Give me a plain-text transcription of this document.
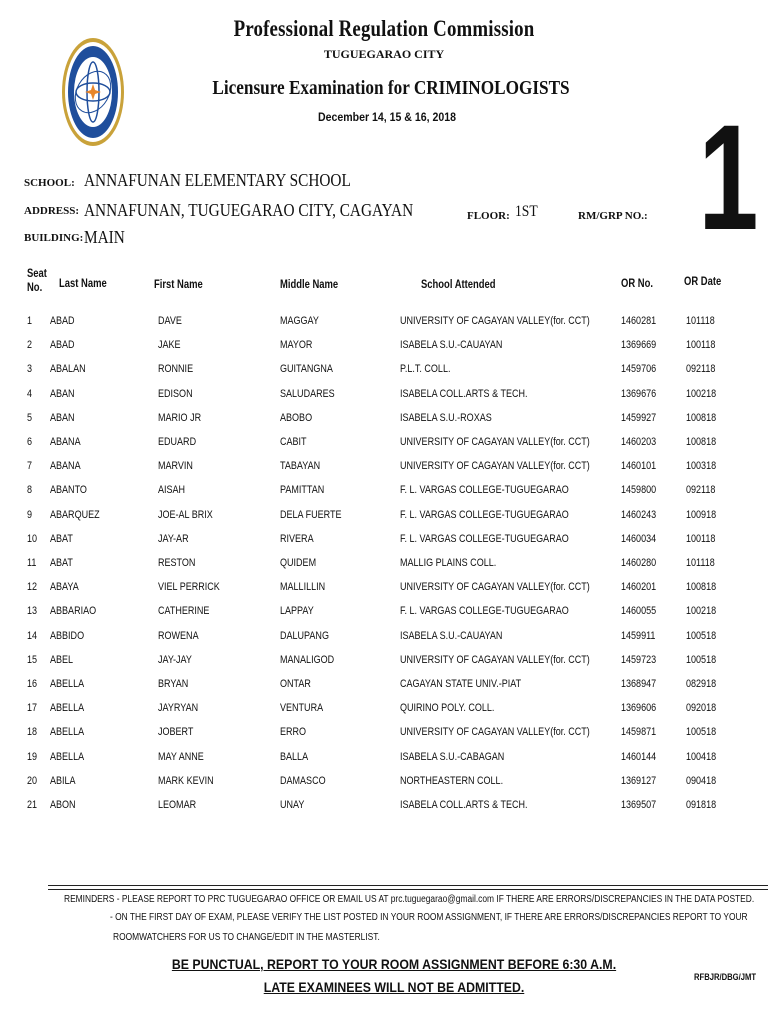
Professional Regulation Commission
TUGUEGARAO CITY
Licensure Examination for CRIMINOLOGISTS
December 14, 15 & 16, 2018	1
SCHOOL: ANNAFUNAN ELEMENTARY SCHOOL
ADDRESS: ANNAFUNAN, TUGUEGARAO CITY, CAGAYAN
BUILDING: MAIN
FLOOR: 1ST	RM/GRP NO.:
Seat
No. Last Name	First Name	Middle Name	School Attended	OR No.	OR Date
1 ABAD	DAVE	MAGGAY	UNIVERSITY OF CAGAYAN VALLEY(for. CCT)	1460281	101118
2 ABAD	JAKE	MAYOR	ISABELA S.U.-CAUAYAN	1369669	100118
3 ABALAN	RONNIE	GUITANGNA	P.L.T. COLL.	1459706	092118
4 ABAN	EDISON	SALUDARES	ISABELA COLL.ARTS & TECH.	1369676	100218
5 ABAN	MARIO JR	ABOBO	ISABELA S.U.-ROXAS	1459927	100818
6 ABANA	EDUARD	CABIT	UNIVERSITY OF CAGAYAN VALLEY(for. CCT)	1460203	100818
7 ABANA	MARVIN	TABAYAN	UNIVERSITY OF CAGAYAN VALLEY(for. CCT)	1460101	100318
8 ABANTO	AISAH	PAMITTAN	F. L. VARGAS COLLEGE-TUGUEGARAO	1459800	092118
9 ABARQUEZ	JOE-AL BRIX	DELA FUERTE	F. L. VARGAS COLLEGE-TUGUEGARAO	1460243	100918
10 ABAT	JAY-AR	RIVERA	F. L. VARGAS COLLEGE-TUGUEGARAO	1460034	100118
11 ABAT	RESTON	QUIDEM	MALLIG PLAINS COLL.	1460280	101118
12 ABAYA	VIEL PERRICK	MALLILLIN	UNIVERSITY OF CAGAYAN VALLEY(for. CCT)	1460201	100818
13 ABBARIAO	CATHERINE	LAPPAY	F. L. VARGAS COLLEGE-TUGUEGARAO	1460055	100218
14 ABBIDO	ROWENA	DALUPANG	ISABELA S.U.-CAUAYAN	1459911	100518
15 ABEL	JAY-JAY	MANALIGOD	UNIVERSITY OF CAGAYAN VALLEY(for. CCT)	1459723	100518
16 ABELLA	BRYAN	ONTAR	CAGAYAN STATE UNIV.-PIAT	1368947	082918
17 ABELLA	JAYRYAN	VENTURA	QUIRINO POLY. COLL.	1369606	092018
18 ABELLA	JOBERT	ERRO	UNIVERSITY OF CAGAYAN VALLEY(for. CCT)	1459871	100518
19 ABELLA	MAY ANNE	BALLA	ISABELA S.U.-CABAGAN	1460144	100418
20 ABILA	MARK KEVIN	DAMASCO	NORTHEASTERN COLL.	1369127	090418
21 ABON	LEOMAR	UNAY	ISABELA COLL.ARTS & TECH.	1369507	091818
REMINDERS - PLEASE REPORT TO PRC TUGUEGARAO OFFICE OR EMAIL US AT prc.tuguegarao@gmail.com IF THERE ARE ERRORS/DISCREPANCIES IN THE DATA POSTED.
- ON THE FIRST DAY OF EXAM, PLEASE VERIFY THE LIST POSTED IN YOUR ROOM ASSIGNMENT, IF THERE ARE ERRORS/DISCREPANCIES REPORT TO YOUR
ROOMWATCHERS FOR US TO CHANGE/EDIT IN THE MASTERLIST.
BE PUNCTUAL, REPORT TO YOUR ROOM ASSIGNMENT BEFORE 6:30 A.M.
LATE EXAMINEES WILL NOT BE ADMITTED.
RFBJR/DBG/JMT
